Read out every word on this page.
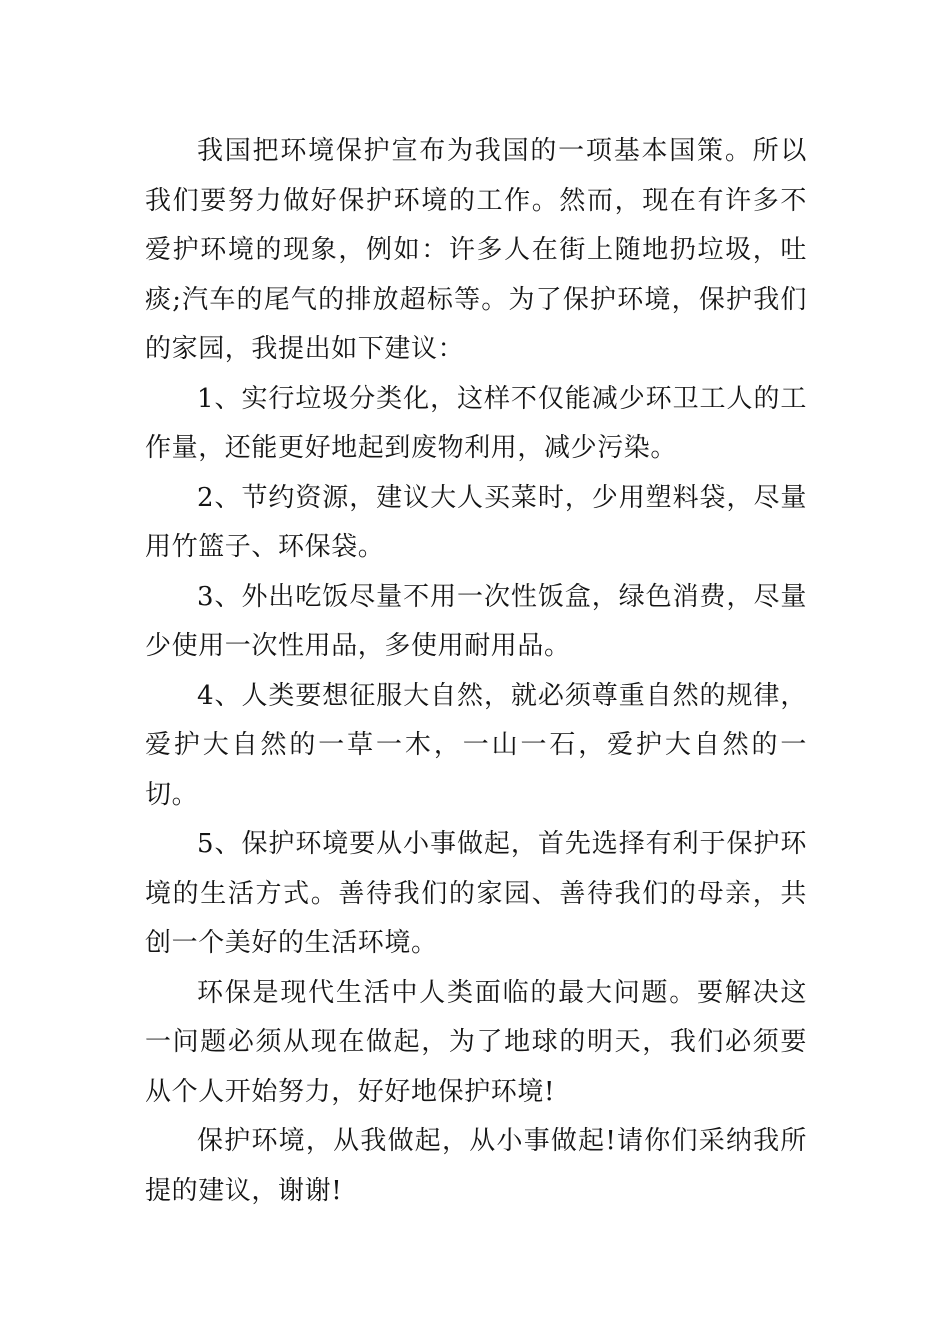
我国把环境保护宣布为我国的一项基本国策。所以我们要努力做好保护环境的工作。然而，现在有许多不爱护环境的现象，例如：许多人在街上随地扔垃圾，吐痰;汽车的尾气的排放超标等。为了保护环境，保护我们的家园，我提出如下建议：

1、实行垃圾分类化，这样不仅能减少环卫工人的工作量，还能更好地起到废物利用，减少污染。

2、节约资源，建议大人买菜时，少用塑料袋，尽量用竹篮子、环保袋。

3、外出吃饭尽量不用一次性饭盒，绿色消费，尽量少使用一次性用品，多使用耐用品。

4、人类要想征服大自然，就必须尊重自然的规律，爱护大自然的一草一木，一山一石，爱护大自然的一切。

5、保护环境要从小事做起，首先选择有利于保护环境的生活方式。善待我们的家园、善待我们的母亲，共创一个美好的生活环境。

环保是现代生活中人类面临的最大问题。要解决这一问题必须从现在做起，为了地球的明天，我们必须要从个人开始努力，好好地保护环境!

保护环境，从我做起，从小事做起!请你们采纳我所提的建议，谢谢!
